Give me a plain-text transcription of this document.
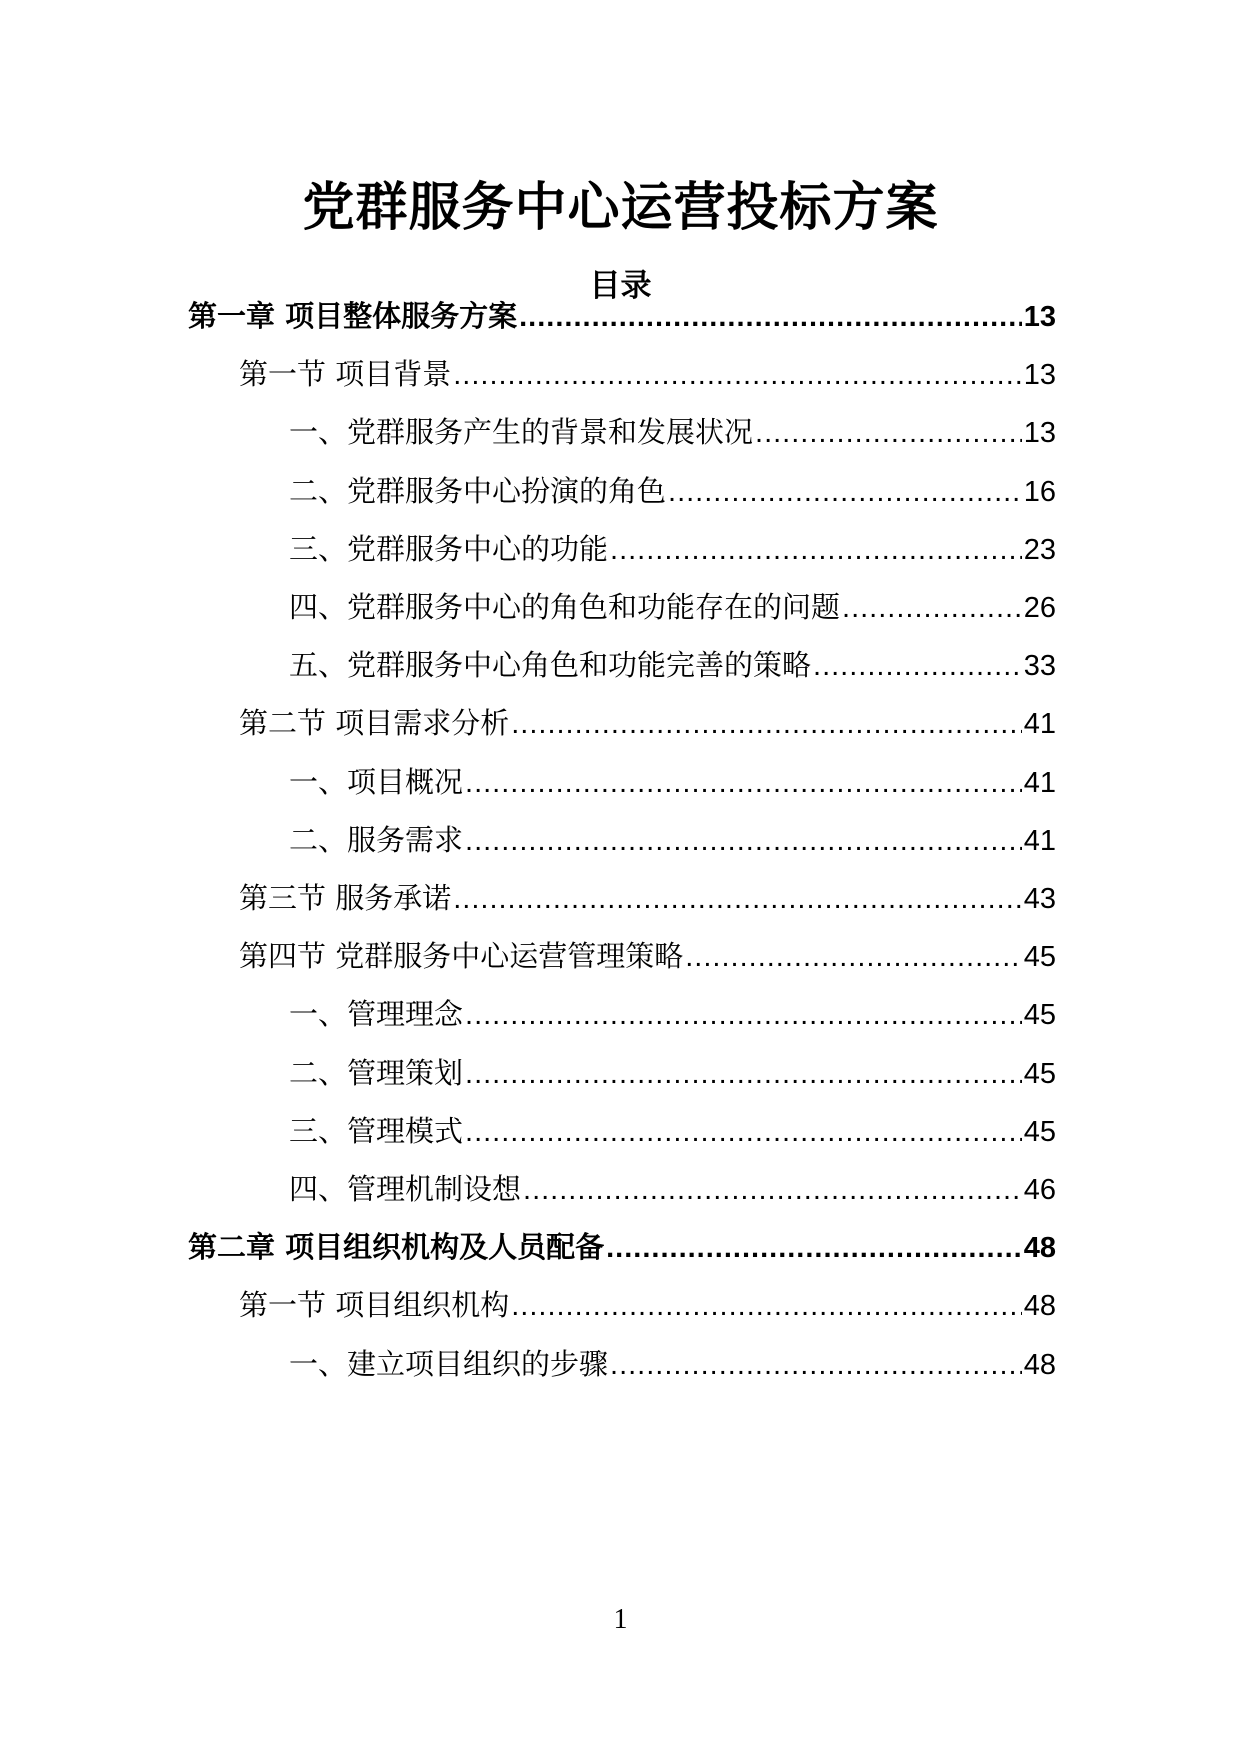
党群服务中心运营投标方案
目录
第一章 项目整体服务方案 .....	13
第一节 项目背景 .....	13
一、党群服务产生的背景和发展状况 .....	13
二、党群服务中心扮演的角色 .....	16
三、党群服务中心的功能 .....	23
四、党群服务中心的角色和功能存在的问题 .....	26
五、党群服务中心角色和功能完善的策略 .....	33
第二节 项目需求分析 .....	41
一、项目概况 .....	41
二、服务需求 .....	41
第三节 服务承诺 .....	43
第四节 党群服务中心运营管理策略 .....	45
一、管理理念 .....	45
二、管理策划 .....	45
三、管理模式 .....	45
四、管理机制设想 .....	46
第二章 项目组织机构及人员配备 .....	48
第一节 项目组织机构 .....	48
一、建立项目组织的步骤 .....	48
1
